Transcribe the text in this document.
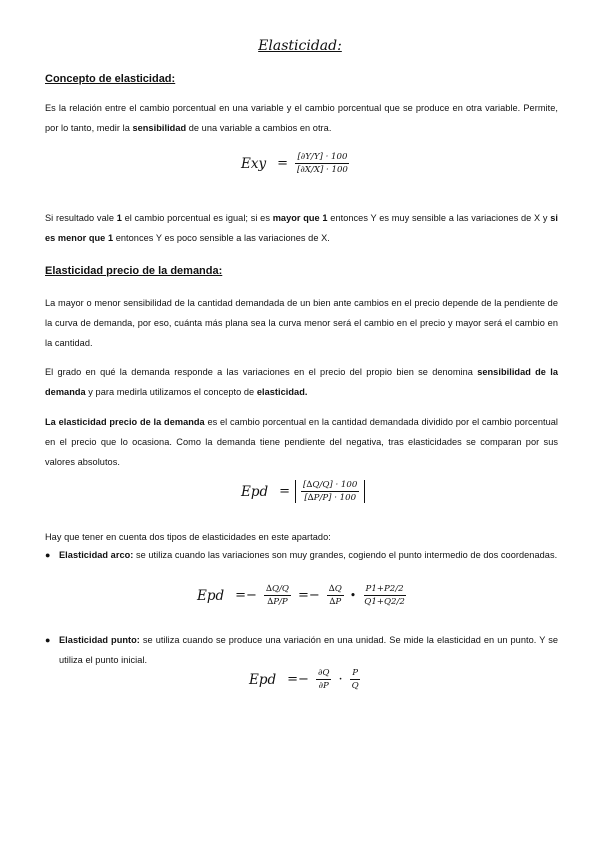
Elasticidad:
Concepto de elasticidad:
Es la relación entre el cambio porcentual en una variable y el cambio porcentual que se produce en otra variable. Permite, por lo tanto, medir la sensibilidad de una variable a cambios en otra.
Exy = $\frac{[\partial Y/Y] \cdot 100}{[\partial X/X] \cdot 100}$
Si resultado vale 1 el cambio porcentual es igual; si es mayor que 1 entonces Y es muy sensible a las variaciones de X y si es menor que 1 entonces Y es poco sensible a las variaciones de X.
Elasticidad precio de la demanda:
La mayor o menor sensibilidad de la cantidad demandada de un bien ante cambios en el precio depende de la pendiente de la curva de demanda, por eso, cuánta más plana sea la curva menor será el cambio en el precio y mayor será el cambio en la cantidad.
El grado en qué la demanda responde a las variaciones en el precio del propio bien se denomina sensibilidad de la demanda y para medirla utilizamos el concepto de elasticidad.
La elasticidad precio de la demanda es el cambio porcentual en la cantidad demandada dividido por el cambio porcentual en el precio que lo ocasiona. Como la demanda tiene pendiente del negativa, tras elasticidades se comparan por sus valores absolutos.
Epd = $\frac{[\Delta Q/Q] \cdot 100}{[\Delta P/P] \cdot 100}$
Hay que tener en cuenta dos tipos de elasticidades en este apartado:
● Elasticidad arco: se utiliza cuando las variaciones son muy grandes, cogiendo el punto intermedio de dos coordenadas.
Epd =− $\frac{\Delta Q/Q}{\Delta P/P} =- \frac{\Delta Q}{\Delta P}$ • $\frac{P1+P2/2}{Q1+Q2/2}$
● Elasticidad punto: se utiliza cuando se produce una variación en una unidad. Se mide la elasticidad en un punto. Y se utiliza el punto inicial.
Epd =− $\frac{\partial Q}{\partial P} \cdot \frac{P}{Q}$
